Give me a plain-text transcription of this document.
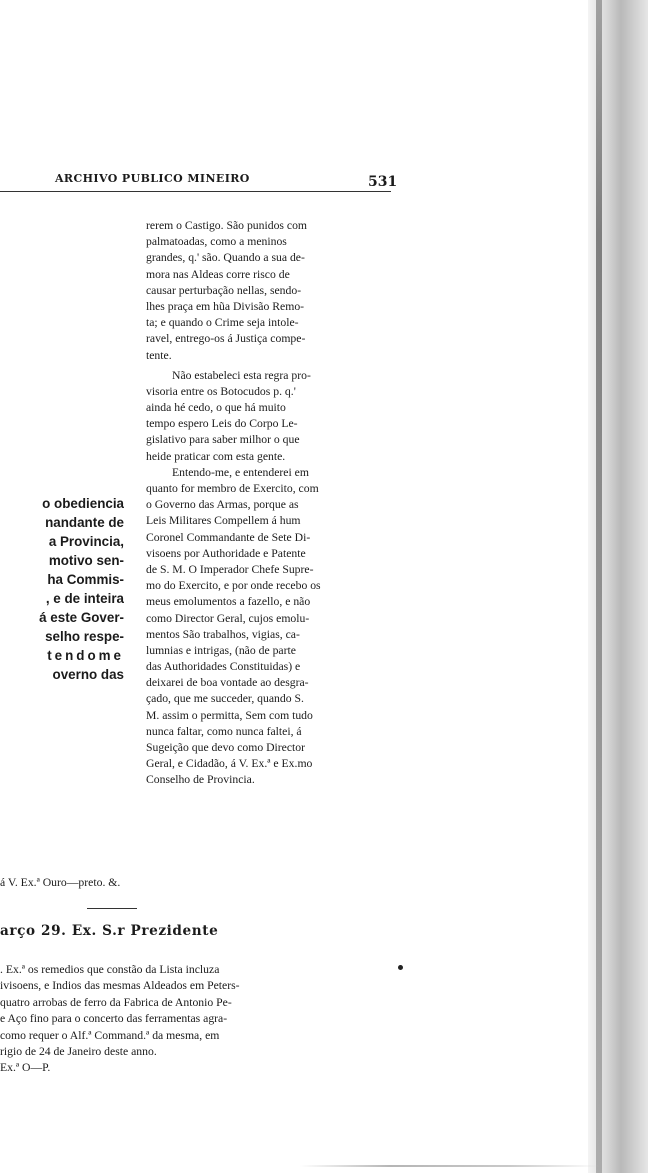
ARCHIVO PUBLICO MINEIRO	531
rerem o Castigo. São punidos com
palmatoadas, como a meninos
grandes, q.' são. Quando a sua de-
mora nas Aldeas corre risco de
causar perturbação nellas, sendo-
lhes praça em hũa Divisão Remo-
ta; e quando o Crime seja intole-
ravel, entrego-os á Justiça compe-
tente.
Não estabeleci esta regra pro-
visoria entre os Botocudos p. q.'
ainda hé cedo, o que há muito
tempo espero Leis do Corpo Le-
gislativo para saber milhor o que
heide praticar com esta gente.
Entendo-me, e entenderei em
quanto for membro de Exercito, com
o Governo das Armas, porque as
Leis Militares Compellem á hum
Coronel Commandante de Sete Di-
visoens por Authoridade e Patente
de S. M. O Imperador Chefe Supre-
mo do Exercito, e por onde recebo os
meus emolumentos a fazello, e não
como Director Geral, cujos emolu-
mentos São trabalhos, vigias, ca-
lumnias e intrigas, (não de parte
das Authoridades Constituidas) e
deixarei de boa vontade ao desgra-
çado, que me succeder, quando S.
M. assim o permitta, Sem com tudo
nunca faltar, como nunca faltei, á
Sugeição que devo como Director
Geral, e Cidadão, á V. Ex.ª e Ex.mo
Conselho de Provincia.
o obediencia
nandante de
a Provincia,
motivo sen-
ha Commis-
, e de inteira
á este Gover-
selho respe-
tendome
overno das
á V. Ex.ª Ouro—preto. &.
arço 29. Ex. S.r Prezidente
. Ex.ª os remedios que constão da Lista incluza
ivisoens, e Indios das mesmas Aldeados em Peters-
quatro arrobas de ferro da Fabrica de Antonio Pe-
e Aço fino para o concerto das ferramentas agra-
como requer o Alf.ª Command.ª da mesma, em
rigio de 24 de Janeiro deste anno.
Ex.ª O—P.
